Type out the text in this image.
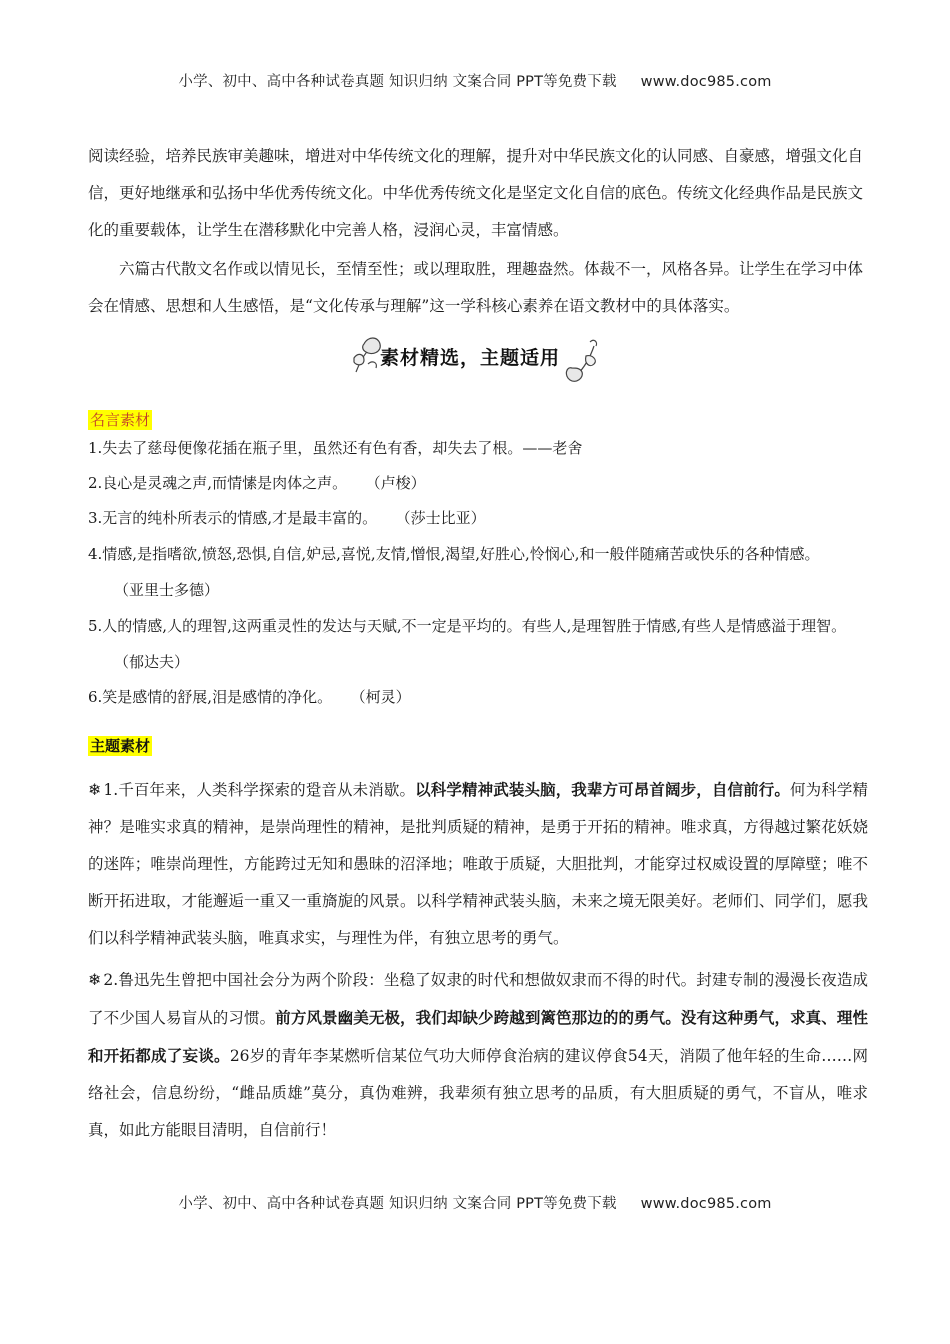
小学、初中、高中各种试卷真题 知识归纳 文案合同 PPT等免费下载 www.doc985.com

阅读经验，培养民族审美趣味，增进对中华传统文化的理解，提升对中华民族文化的认同感、自豪感，增强文化自信，更好地继承和弘扬中华优秀传统文化。中华优秀传统文化是坚定文化自信的底色。传统文化经典作品是民族文化的重要载体，让学生在潜移默化中完善人格，浸润心灵，丰富情感。

六篇古代散文名作或以情见长，至情至性；或以理取胜，理趣盎然。体裁不一，风格各异。让学生在学习中体会在情感、思想和人生感悟，是“文化传承与理解”这一学科核心素养在语文教材中的具体落实。

素材精选，主题适用
名言素材
1.失去了慈母便像花插在瓶子里，虽然还有色有香，却失去了根。——老舍
2.良心是灵魂之声,而情愫是肉体之声。 （卢梭）
3.无言的纯朴所表示的情感,才是最丰富的。 （莎士比亚）
4.情感,是指嗜欲,愤怒,恐惧,自信,妒忌,喜悦,友情,憎恨,渴望,好胜心,怜悯心,和一般伴随痛苦或快乐的各种情感。（亚里士多德）
5.人的情感,人的理智,这两重灵性的发达与天赋,不一定是平均的。有些人,是理智胜于情感,有些人是情感溢于理智。（郁达夫）
6.笑是感情的舒展,泪是感情的净化。 （柯灵）
主题素材

❄ 1.千百年来，人类科学探索的跫音从未消歇。以科学精神武装头脑，我辈方可昂首阔步，自信前行。何为科学精神？是唯实求真的精神，是崇尚理性的精神，是批判质疑的精神，是勇于开拓的精神。唯求真，方得越过繁花妖娆的迷阵；唯崇尚理性，方能跨过无知和愚昧的沼泽地；唯敢于质疑，大胆批判，才能穿过权威设置的厚障壁；唯不断开拓进取，才能邂逅一重又一重旖旎的风景。以科学精神武装头脑，未来之境无限美好。老师们、同学们，愿我们以科学精神武装头脑，唯真求实，与理性为伴，有独立思考的勇气。

❄ 2.鲁迅先生曾把中国社会分为两个阶段：坐稳了奴隶的时代和想做奴隶而不得的时代。封建专制的漫漫长夜造成了不少国人易盲从的习惯。前方风景幽美无极，我们却缺少跨越到篱笆那边的的勇气。没有这种勇气，求真、理性和开拓都成了妄谈。26岁的青年李某燃听信某位气功大师停食治病的建议停食54天，消陨了他年轻的生命……网络社会，信息纷纷，“雌品质雄”莫分，真伪难辨，我辈须有独立思考的品质，有大胆质疑的勇气，不盲从，唯求真，如此方能眼目清明，自信前行！

小学、初中、高中各种试卷真题 知识归纳 文案合同 PPT等免费下载 www.doc985.com
